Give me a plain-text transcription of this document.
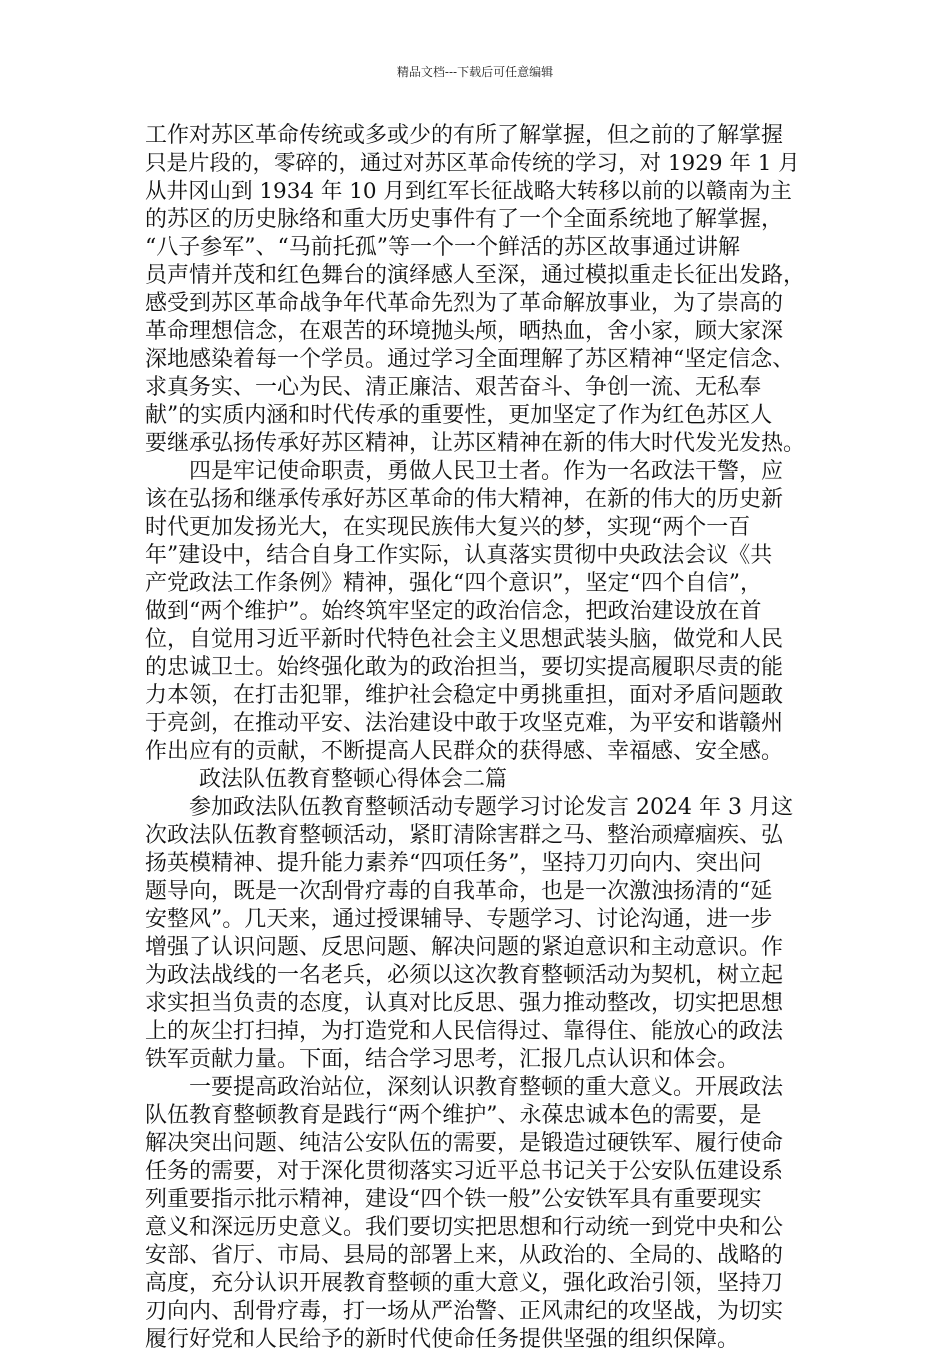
精品文档---下载后可任意编辑
工作对苏区革命传统或多或少的有所了解掌握，但之前的了解掌握
只是片段的，零碎的，通过对苏区革命传统的学习，对 1929 年 1 月
从井冈山到 1934 年 10 月到红军长征战略大转移以前的以赣南为主
的苏区的历史脉络和重大历史事件有了一个全面系统地了解掌握，
“八子参军”、“马前托孤”等一个一个鲜活的苏区故事通过讲解
员声情并茂和红色舞台的演绎感人至深，通过模拟重走长征出发路，
感受到苏区革命战争年代革命先烈为了革命解放事业，为了崇高的
革命理想信念，在艰苦的环境抛头颅，晒热血，舍小家，顾大家深
深地感染着每一个学员。通过学习全面理解了苏区精神“坚定信念、
求真务实、一心为民、清正廉洁、艰苦奋斗、争创一流、无私奉
献”的实质内涵和时代传承的重要性，更加坚定了作为红色苏区人
要继承弘扬传承好苏区精神，让苏区精神在新的伟大时代发光发热。
四是牢记使命职责，勇做人民卫士者。作为一名政法干警，应
该在弘扬和继承传承好苏区革命的伟大精神，在新的伟大的历史新
时代更加发扬光大，在实现民族伟大复兴的梦，实现“两个一百
年”建设中，结合自身工作实际，认真落实贯彻中央政法会议《共
产党政法工作条例》精神，强化“四个意识”，坚定“四个自信”，
做到“两个维护”。始终筑牢坚定的政治信念，把政治建设放在首
位，自觉用习近平新时代特色社会主义思想武装头脑，做党和人民
的忠诚卫士。始终强化敢为的政治担当，要切实提高履职尽责的能
力本领，在打击犯罪，维护社会稳定中勇挑重担，面对矛盾问题敢
于亮剑，在推动平安、法治建设中敢于攻坚克难，为平安和谐赣州
作出应有的贡献，不断提高人民群众的获得感、幸福感、安全感。
政法队伍教育整顿心得体会二篇
参加政法队伍教育整顿活动专题学习讨论发言 2024 年 3 月这
次政法队伍教育整顿活动，紧盯清除害群之马、整治顽瘴痼疾、弘
扬英模精神、提升能力素养“四项任务”，坚持刀刃向内、突出问
题导向，既是一次刮骨疗毒的自我革命，也是一次激浊扬清的“延
安整风”。几天来，通过授课辅导、专题学习、讨论沟通，进一步
增强了认识问题、反思问题、解决问题的紧迫意识和主动意识。作
为政法战线的一名老兵，必须以这次教育整顿活动为契机，树立起
求实担当负责的态度，认真对比反思、强力推动整改，切实把思想
上的灰尘打扫掉，为打造党和人民信得过、靠得住、能放心的政法
铁军贡献力量。下面，结合学习思考，汇报几点认识和体会。
一要提高政治站位，深刻认识教育整顿的重大意义。开展政法
队伍教育整顿教育是践行“两个维护”、永葆忠诚本色的需要，是
解决突出问题、纯洁公安队伍的需要，是锻造过硬铁军、履行使命
任务的需要，对于深化贯彻落实习近平总书记关于公安队伍建设系
列重要指示批示精神，建设“四个铁一般”公安铁军具有重要现实
意义和深远历史意义。我们要切实把思想和行动统一到党中央和公
安部、省厅、市局、县局的部署上来，从政治的、全局的、战略的
高度，充分认识开展教育整顿的重大意义，强化政治引领，坚持刀
刃向内、刮骨疗毒，打一场从严治警、正风肃纪的攻坚战，为切实
履行好党和人民给予的新时代使命任务提供坚强的组织保障。
